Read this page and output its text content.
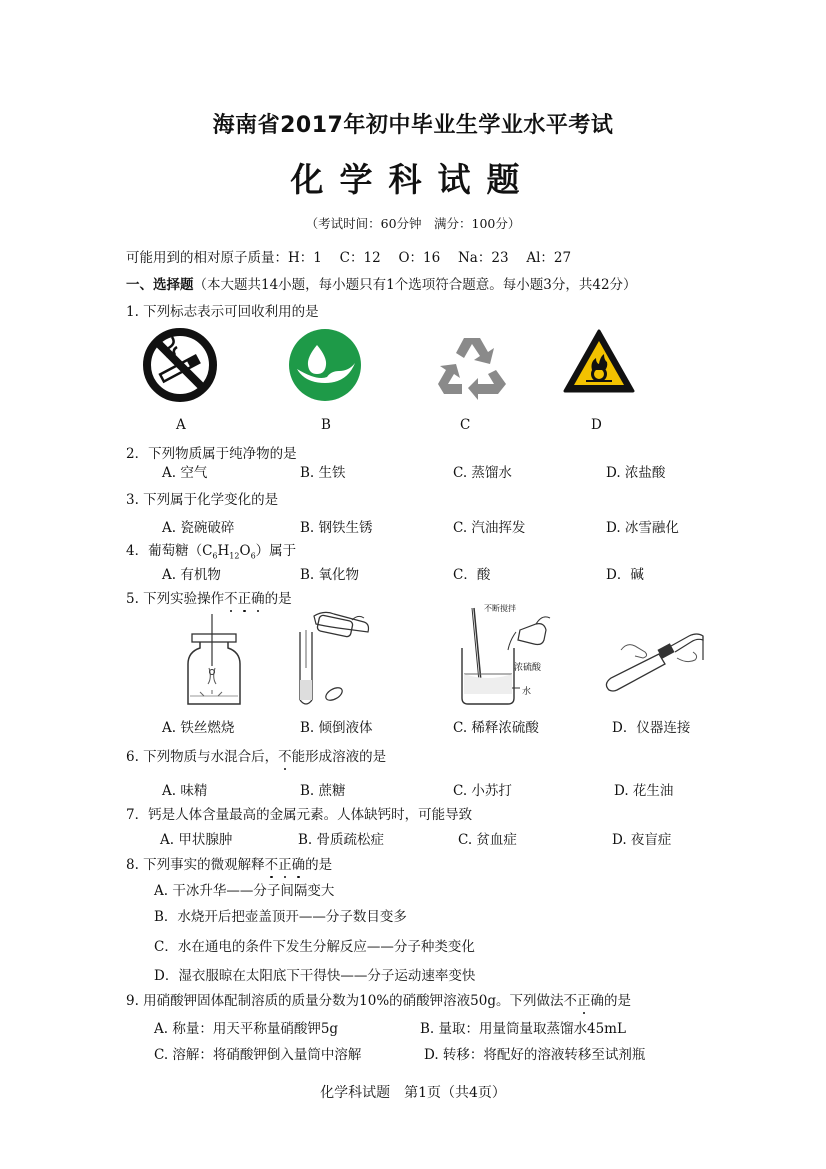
海南省2017年初中毕业生学业水平考试
化学科试题
（考试时间：60分钟　满分：100分）
可能用到的相对原子质量：H：1　 C：12　 O：16　 Na：23　 Al：27
一、选择题（本大题共14小题，每小题只有1个选项符合题意。每小题3分，共42分）
1. 下列标志表示可回收利用的是
A	B	C	D
2．下列物质属于纯净物的是
A. 空气	B. 生铁	C. 蒸馏水	D. 浓盐酸
3. 下列属于化学变化的是
A. 瓷碗破碎	B. 钢铁生锈	C. 汽油挥发	D. 冰雪融化
4．葡萄糖$(C_6H_{12}O_6)$属于
A. 有机物	B. 氧化物	C．酸	D．碱
5. 下列实验操作不正确的是
不断搅拌
浓硫酸
水
A. 铁丝燃烧	B. 倾倒液体	C. 稀释浓硫酸	D．仪器连接
6. 下列物质与水混合后，不能形成溶液的是
A. 味精	B. 蔗糖	C. 小苏打	D. 花生油
7．钙是人体含量最高的金属元素。人体缺钙时，可能导致
A. 甲状腺肿	B. 骨质疏松症	C. 贫血症	D. 夜盲症
8. 下列事实的微观解释不正确的是
A. 干冰升华——分子间隔变大
B．水烧开后把壶盖顶开——分子数目变多
C．水在通电的条件下发生分解反应——分子种类变化
D．湿衣服晾在太阳底下干得快——分子运动速率变快
9. 用硝酸钾固体配制溶质的质量分数为10%的硝酸钾溶液50g。下列做法不正确的是
A. 称量：用天平称量硝酸钾5g	B. 量取：用量筒量取蒸馏水45mL
C. 溶解：将硝酸钾倒入量筒中溶解	D. 转移：将配好的溶液转移至试剂瓶
化学科试题　第1页（共4页）
